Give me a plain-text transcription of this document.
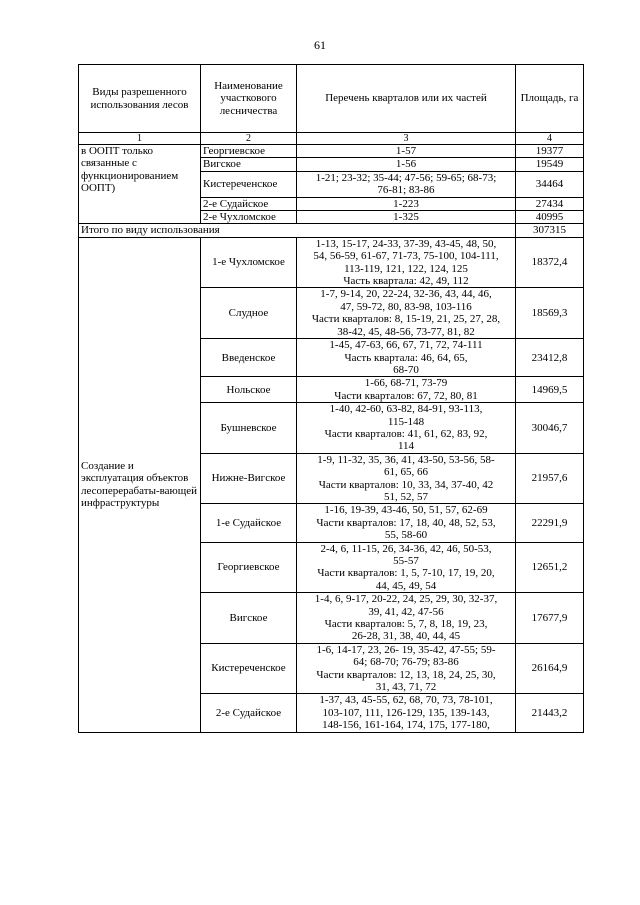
61
Виды разрешенного использования лесов	Наименование участкового лесничества	Перечень кварталов или их частей	Площадь, га
1	2	3	4
в ООПТ только связанные с функционированием ООПТ)	Георгиевское	1-57	19377
	Вигское	1-56	19549
	Кистереченское	1-21; 23-32; 35-44; 47-56; 59-65; 68-73;
76-81; 83-86	34464
	2-е Судайское	1-223	27434
	2-е Чухломское	1-325	40995
Итого по виду использования			307315
Создание и эксплуатация объектов лесоперерабаты-вающей инфраструктуры	1-е Чухломское	1-13, 15-17, 24-33, 37-39, 43-45, 48, 50,
54, 56-59, 61-67, 71-73, 75-100, 104-111,
113-119, 121, 122, 124, 125
Часть квартала: 42, 49, 112	18372,4
	Слудное	1-7, 9-14, 20, 22-24, 32-36, 43, 44, 46,
47, 59-72, 80, 83-98, 103-116
Части кварталов: 8, 15-19, 21, 25, 27, 28,
38-42, 45, 48-56, 73-77, 81, 82	18569,3
	Введенское	1-45, 47-63, 66, 67, 71, 72, 74-111
Часть квартала: 46, 64, 65,
68-70	23412,8
	Нольское	1-66, 68-71, 73-79
Части кварталов: 67, 72, 80, 81	14969,5
	Бушневское	1-40, 42-60, 63-82, 84-91, 93-113,
115-148
Части кварталов: 41, 61, 62, 83, 92,
114	30046,7
	Нижне-Вигское	1-9, 11-32, 35, 36, 41, 43-50, 53-56, 58-
61, 65, 66
Части кварталов: 10, 33, 34, 37-40, 42
51, 52, 57	21957,6
	1-е Судайское	1-16, 19-39, 43-46, 50, 51, 57, 62-69
Части кварталов: 17, 18, 40, 48, 52, 53,
55, 58-60	22291,9
	Георгиевское	2-4, 6, 11-15, 26, 34-36, 42, 46, 50-53,
55-57
Части кварталов: 1, 5, 7-10, 17, 19, 20,
44, 45, 49, 54	12651,2
	Вигское	1-4, 6, 9-17, 20-22, 24, 25, 29, 30, 32-37,
39, 41, 42, 47-56
Части кварталов: 5, 7, 8, 18, 19, 23,
26-28, 31, 38, 40, 44, 45	17677,9
	Кистереченское	1-6, 14-17, 23, 26- 19, 35-42, 47-55; 59-
64; 68-70; 76-79; 83-86
Части кварталов: 12, 13, 18, 24, 25, 30,
31, 43, 71, 72	26164,9
	2-е Судайское	1-37, 43, 45-55, 62, 68, 70, 73, 78-101,
103-107, 111, 126-129, 135, 139-143,
148-156, 161-164, 174, 175, 177-180,	21443,2
